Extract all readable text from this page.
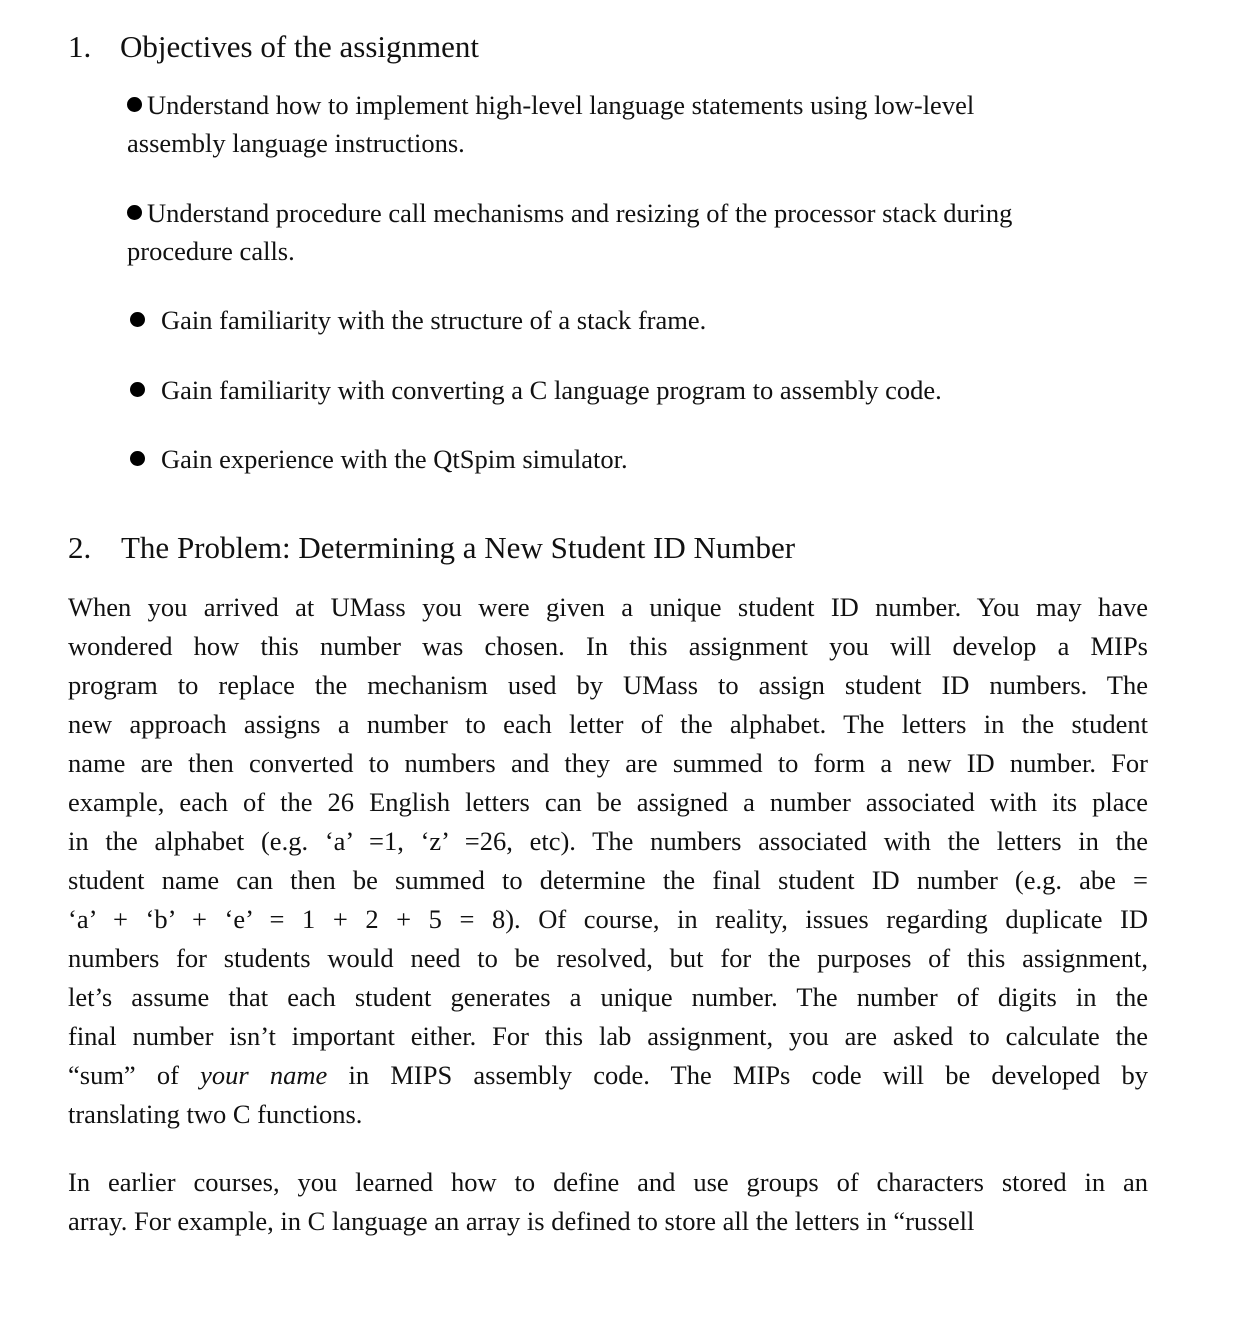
1. Objectives of the assignment
Understand how to implement high-level language statements using low-level
assembly language instructions.
Understand procedure call mechanisms and resizing of the processor stack during
procedure calls.
Gain familiarity with the structure of a stack frame.
Gain familiarity with converting a C language program to assembly code.
Gain experience with the QtSpim simulator.
2. The Problem: Determining a New Student ID Number
When you arrived at UMass you were given a unique student ID number. You may have
wondered how this number was chosen. In this assignment you will develop a MIPs
program to replace the mechanism used by UMass to assign student ID numbers. The
new approach assigns a number to each letter of the alphabet. The letters in the student
name are then converted to numbers and they are summed to form a new ID number. For
example, each of the 26 English letters can be assigned a number associated with its place
in the alphabet (e.g. ‘a’ =1, ‘z’ =26, etc). The numbers associated with the letters in the
student name can then be summed to determine the final student ID number (e.g. abe =
‘a’ + ‘b’ + ‘e’ = 1 + 2 + 5 = 8). Of course, in reality, issues regarding duplicate ID
numbers for students would need to be resolved, but for the purposes of this assignment,
let’s assume that each student generates a unique number. The number of digits in the
final number isn’t important either. For this lab assignment, you are asked to calculate the
“sum” of your name in MIPS assembly code. The MIPs code will be developed by
translating two C functions.
In earlier courses, you learned how to define and use groups of characters stored in an
array. For example, in C language an array is defined to store all the letters in “russell
